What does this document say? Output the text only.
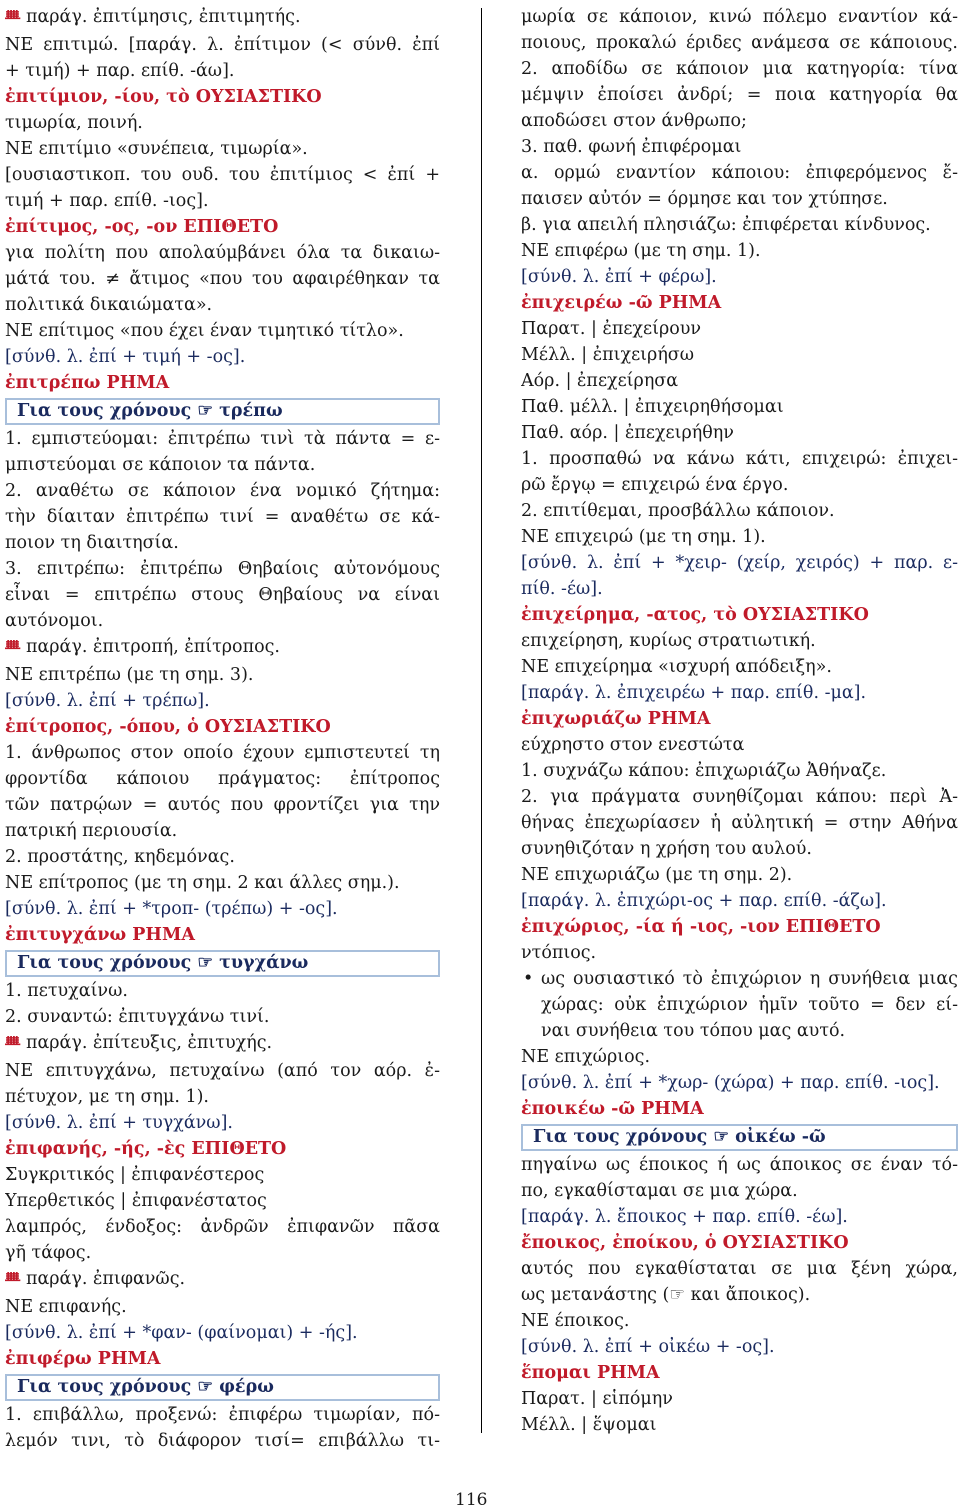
ᚙ παράγ. ἐπιτίμησις, ἐπιτιμητής.
ΝΕ επιτιμώ. [παράγ. λ. ἐπίτιμον (< σύνθ. ἐπί
+ τιμή) + παρ. επίθ. -άω].
ἐπιτίμιον, -ίου, τὸ ΟΥΣΙΑΣΤΙΚΟ
τιμωρία, ποινή.
ΝΕ επιτίμιο «συνέπεια, τιμωρία».
[ουσιαστικοπ. του ουδ. του ἐπιτίμιος < ἐπί +
τιμή + παρ. επίθ. -ιος].
ἐπίτιμος, -ος, -ον ΕΠΙΘΕΤΟ
για πολίτη που απολαύμβάνει όλα τα δικαιω-
μάτά του. ≠ ἄτιμος «που του αφαιρέθηκαν τα
πολιτικά δικαιώματα».
ΝΕ επίτιμος «που έχει έναν τιμητικό τίτλο».
[σύνθ. λ. ἐπί + τιμή + -ος].
ἐπιτρέπω ΡΗΜΑ
Για τους χρόνους ☞ τρέπω
1. εμπιστεύομαι: ἐπιτρέπω τινὶ τὰ πάντα = ε-
μπιστεύομαι σε κάποιον τα πάντα.
2. αναθέτω σε κάποιον ένα νομικό ζήτημα:
τὴν δίαιταν ἐπιτρέπω τινί = αναθέτω σε κά-
ποιον τη διαιτησία.
3. επιτρέπω: ἐπιτρέπω Θηβαίοις αὐτονόμους
εἶναι = επιτρέπω στους Θηβαίους να είναι
αυτόνομοι.
ᚙ παράγ. ἐπιτροπή, ἐπίτροπος.
ΝΕ επιτρέπω (με τη σημ. 3).
[σύνθ. λ. ἐπί + τρέπω].
ἐπίτροπος, -όπου, ὁ ΟΥΣΙΑΣΤΙΚΟ
1. άνθρωπος στον οποίο έχουν εμπιστευτεί τη
φροντίδα κάποιου πράγματος: ἐπίτροπος
τῶν πατρῴων = αυτός που φροντίζει για την
πατρική περιουσία.
2. προστάτης, κηδεμόνας.
ΝΕ επίτροπος (με τη σημ. 2 και άλλες σημ.).
[σύνθ. λ. ἐπί + *τροπ- (τρέπω) + -ος].
ἐπιτυγχάνω ΡΗΜΑ
Για τους χρόνους ☞ τυγχάνω
1. πετυχαίνω.
2. συναντώ: ἐπιτυγχάνω τινί.
ᚙ παράγ. ἐπίτευξις, ἐπιτυχής.
ΝΕ επιτυγχάνω, πετυχαίνω (από τον αόρ. ἐ-
πέτυχον, με τη σημ. 1).
[σύνθ. λ. ἐπί + τυγχάνω].
ἐπιφανής, -ής, -ὲς ΕΠΙΘΕΤΟ
Συγκριτικός | ἐπιφανέστερος
Υπερθετικός | ἐπιφανέστατος
λαμπρός, ένδοξος: ἀνδρῶν ἐπιφανῶν πᾶσα
γῆ τάφος.
ᚙ παράγ. ἐπιφανῶς.
ΝΕ επιφανής.
[σύνθ. λ. ἐπί + *φαν- (φαίνομαι) + -ής].
ἐπιφέρω ΡΗΜΑ
Για τους χρόνους ☞ φέρω
1. επιβάλλω, προξενώ: ἐπιφέρω τιμωρίαν, πό-
λεμόν τινι, τὸ διάφορον τισί= επιβάλλω τι-
μωρία σε κάποιον, κινώ πόλεμο εναντίον κά-
ποιους, προκαλώ έριδες ανάμεσα σε κάποιους.
2. αποδίδω σε κάποιον μια κατηγορία: τίνα
μέμψιν ἐποίσει ἀνδρί; = ποια κατηγορία θα
αποδώσει στον άνθρωπο;
3. παθ. φωνή ἐπιφέρομαι
α. ορμώ εναντίον κάποιου: ἐπιφερόμενος ἔ-
παισεν αὐτόν = όρμησε και τον χτύπησε.
β. για απειλή πλησιάζω: ἐπιφέρεται κίνδυνος.
ΝΕ επιφέρω (με τη σημ. 1).
[σύνθ. λ. ἐπί + φέρω].
ἐπιχειρέω -ῶ ΡΗΜΑ
Παρατ. | ἐπεχείρουν
Μέλλ. | ἐπιχειρήσω
Αόρ. | ἐπεχείρησα
Παθ. μέλλ. | ἐπιχειρηθήσομαι
Παθ. αόρ. | ἐπεχειρήθην
1. προσπαθώ να κάνω κάτι, επιχειρώ: ἐπιχει-
ρῶ ἔργῳ = επιχειρώ ένα έργο.
2. επιτίθεμαι, προσβάλλω κάποιον.
ΝΕ επιχειρώ (με τη σημ. 1).
[σύνθ. λ. ἐπί + *χειρ- (χείρ, χειρός) + παρ. ε-
πίθ. -έω].
ἐπιχείρημα, -ατος, τὸ ΟΥΣΙΑΣΤΙΚΟ
επιχείρηση, κυρίως στρατιωτική.
ΝΕ επιχείρημα «ισχυρή απόδειξη».
[παράγ. λ. ἐπιχειρέω + παρ. επίθ. -μα].
ἐπιχωριάζω ΡΗΜΑ
εύχρηστο στον ενεστώτα
1. συχνάζω κάπου: ἐπιχωριάζω Ἀθήναζε.
2. για πράγματα συνηθίζομαι κάπου: περὶ Ἀ-
θήνας ἐπεχωρίασεν ἡ αὐλητική = στην Αθήνα
συνηθιζόταν η χρήση του αυλού.
ΝΕ επιχωριάζω (με τη σημ. 2).
[παράγ. λ. ἐπιχώρι-ος + παρ. επίθ. -άζω].
ἐπιχώριος, -ία ή -ιος, -ιον ΕΠΙΘΕΤΟ
ντόπιος.
• ως ουσιαστικό τὸ ἐπιχώριον η συνήθεια μιας
χώρας: οὐκ ἐπιχώριον ἡμῖν τοῦτο = δεν εί-
ναι συνήθεια του τόπου μας αυτό.
ΝΕ επιχώριος.
[σύνθ. λ. ἐπί + *χωρ- (χώρα) + παρ. επίθ. -ιος].
ἐποικέω -ῶ ΡΗΜΑ
Για τους χρόνους ☞ οἰκέω -ῶ
πηγαίνω ως έποικος ή ως άποικος σε έναν τό-
πο, εγκαθίσταμαι σε μια χώρα.
[παράγ. λ. ἔποικος + παρ. επίθ. -έω].
ἔποικος, ἐποίκου, ὁ ΟΥΣΙΑΣΤΙΚΟ
αυτός που εγκαθίσταται σε μια ξένη χώρα,
ως μετανάστης (☞ και ἄποικος).
ΝΕ έποικος.
[σύνθ. λ. ἐπί + οἰκέω + -ος].
ἕπομαι ΡΗΜΑ
Παρατ. | εἱπόμην
Μέλλ. | ἕψομαι
116
